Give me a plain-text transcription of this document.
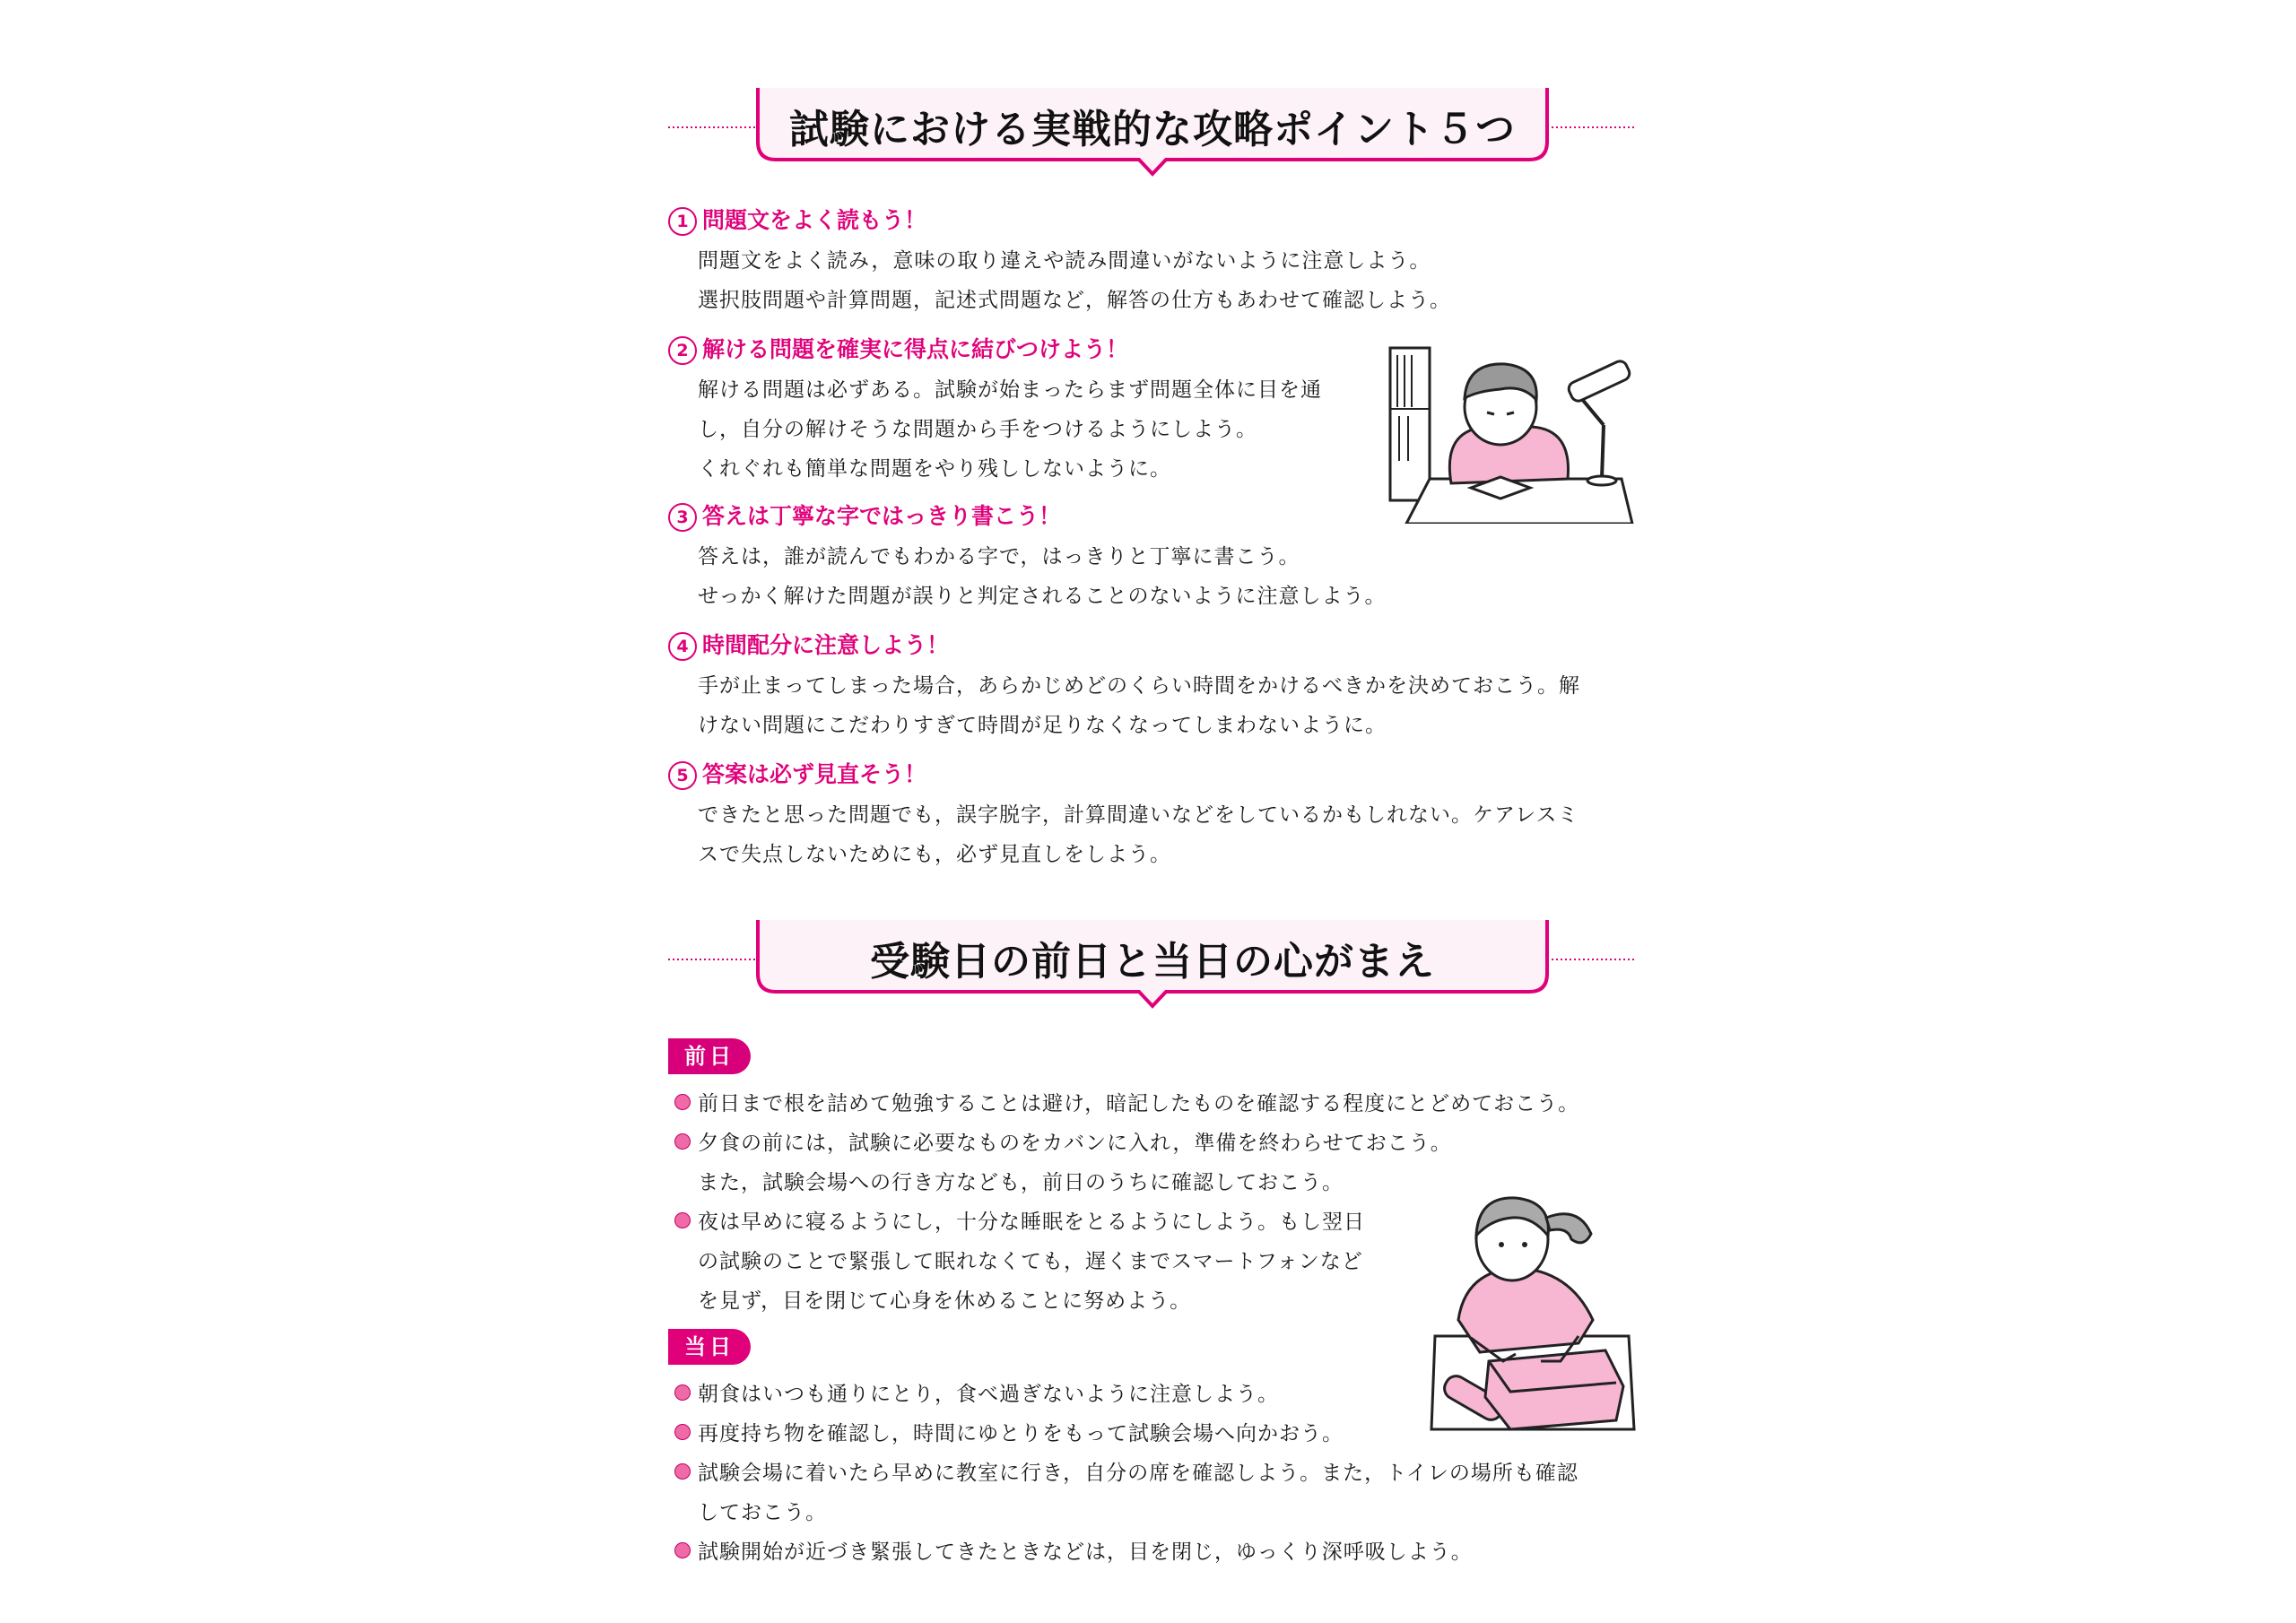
試験における実戦的な攻略ポイント５つ
1 問題文をよく読もう！
問題文をよく読み，意味の取り違えや読み間違いがないように注意しよう。
選択肢問題や計算問題，記述式問題など，解答の仕方もあわせて確認しよう。
2 解ける問題を確実に得点に結びつけよう！
解ける問題は必ずある。試験が始まったらまず問題全体に目を通
し，自分の解けそうな問題から手をつけるようにしよう。
くれぐれも簡単な問題をやり残ししないように。
3 答えは丁寧な字ではっきり書こう！
答えは，誰が読んでもわかる字で，はっきりと丁寧に書こう。
せっかく解けた問題が誤りと判定されることのないように注意しよう。
4 時間配分に注意しよう！
手が止まってしまった場合，あらかじめどのくらい時間をかけるべきかを決めておこう。解
けない問題にこだわりすぎて時間が足りなくなってしまわないように。
5 答案は必ず見直そう！
できたと思った問題でも，誤字脱字，計算間違いなどをしているかもしれない。ケアレスミ
スで失点しないためにも，必ず見直しをしよう。
受験日の前日と当日の心がまえ
前日
前日まで根を詰めて勉強することは避け，暗記したものを確認する程度にとどめておこう。
夕食の前には，試験に必要なものをカバンに入れ，準備を終わらせておこう。
また，試験会場への行き方なども，前日のうちに確認しておこう。
夜は早めに寝るようにし，十分な睡眠をとるようにしよう。もし翌日
の試験のことで緊張して眠れなくても，遅くまでスマートフォンなど
を見ず，目を閉じて心身を休めることに努めよう。
当日
朝食はいつも通りにとり，食べ過ぎないように注意しよう。
再度持ち物を確認し，時間にゆとりをもって試験会場へ向かおう。
試験会場に着いたら早めに教室に行き，自分の席を確認しよう。また，トイレの場所も確認
しておこう。
試験開始が近づき緊張してきたときなどは，目を閉じ，ゆっくり深呼吸しよう。
